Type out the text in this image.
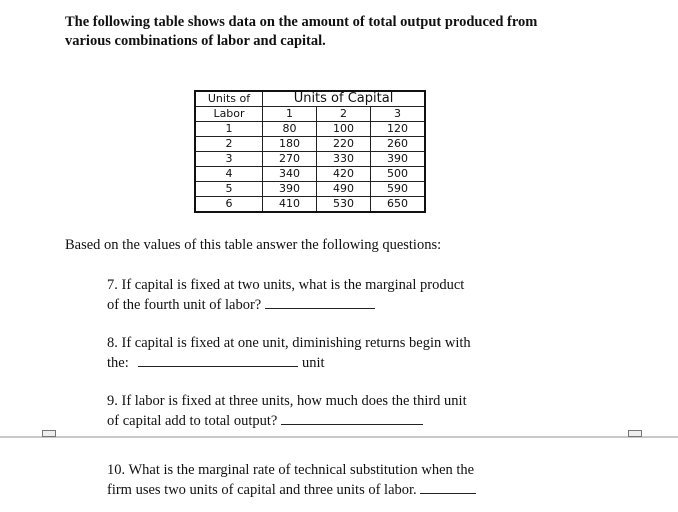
The following table shows data on the amount of total output produced from various combinations of labor and capital.
Units of	Units of Capital		
Labor	1	2	3
1	80	100	120
2	180	220	260
3	270	330	390
4	340	420	500
5	390	490	590
6	410	530	650
Based on the values of this table answer the following questions:
7. If capital is fixed at two units, what is the marginal product
of the fourth unit of labor?
8. If capital is fixed at one unit, diminishing returns begin with
the:	unit
9. If labor is fixed at three units, how much does the third unit
of capital add to total output?
10. What is the marginal rate of technical substitution when the
firm uses two units of capital and three units of labor.
